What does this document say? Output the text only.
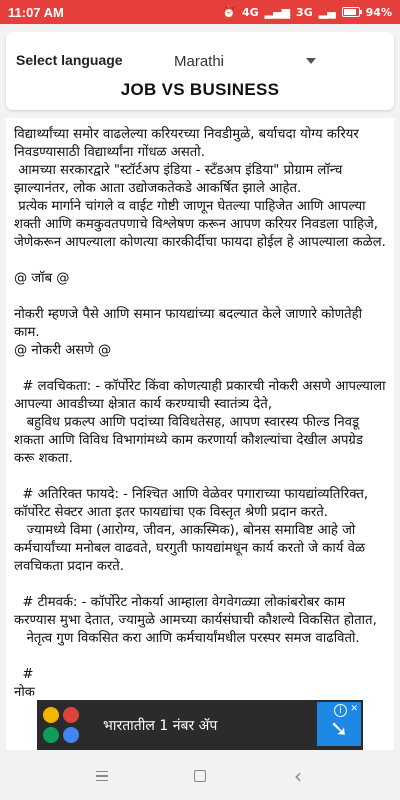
11:07 AM	⏰ 4G ▂▄▆ 3G ▂▄	94%
Select language	Marathi
JOB VS BUSINESS

विद्यार्थ्यांच्या समोर वाढलेल्या करियरच्या निवडीमुळे, बर्याचदा योग्य करियर निवडण्यासाठी विद्यार्थ्यांना गोंधळ असतो.
आमच्या सरकारद्वारे "स्टॉर्टअप इंडिया - स्टँडअप इंडिया" प्रोग्राम लॉन्च झाल्यानंतर, लोक आता उद्योजकतेकडे आकर्षित झाले आहेत.
प्रत्येक मार्गाने चांगले व वाईट गोष्टी जाणून घेतल्या पाहिजेत आणि आपल्या शक्ती आणि कमकुवतपणाचे विश्लेषण करून आपण करियर निवडला पाहिजे, जेणेकरून आपल्याला कोणत्या कारकीर्दीचा फायदा होईल हे आपल्याला कळेल.

@ जॉब @

नोकरी म्हणजे पैसे आणि समान फायद्यांच्या बदल्यात केले जाणारे कोणतेही काम.
@ नोकरी असणे @

# लवचिकता: - कॉर्पोरेट किंवा कोणत्याही प्रकारची नोकरी असणे आपल्याला आपल्या आवडीच्या क्षेत्रात कार्य करण्याची स्वातंत्र्य देते,
बहुविध प्रकल्प आणि पदांच्या विविधतेसह, आपण स्वारस्य फील्ड निवडू शकता आणि विविध विभागांमध्ये काम करणार्या कौशल्यांचा देखील अपग्रेड करू शकता.

# अतिरिक्त फायदे: - निश्चित आणि वेळेवर पगाराच्या फायद्यांव्यतिरिक्त, कॉर्पोरेट सेक्टर आता इतर फायद्यांचा एक विस्तृत श्रेणी प्रदान करते.
ज्यामध्ये विमा (आरोग्य, जीवन, आकस्मिक), बोनस समाविष्ट आहे जो कर्मचार्यांच्या मनोबल वाढवते, घरगुती फायद्यांमधून कार्य करतो जे कार्य वेळ लवचिकता प्रदान करते.

# टीमवर्क: - कॉर्पोरेट नोकर्या आम्हाला वेगवेगळ्या लोकांबरोबर काम करण्यास मुभा देतात, ज्यामुळे आमच्या कार्यसंघाची कौशल्ये विकसित होतात,
नेतृत्व गुण विकसित करा आणि कर्मचार्यांमधील परस्पर समज वाढवितो.

#
नोक

भारतातील 1 नंबर ॲप
i ✕
➘
‹
